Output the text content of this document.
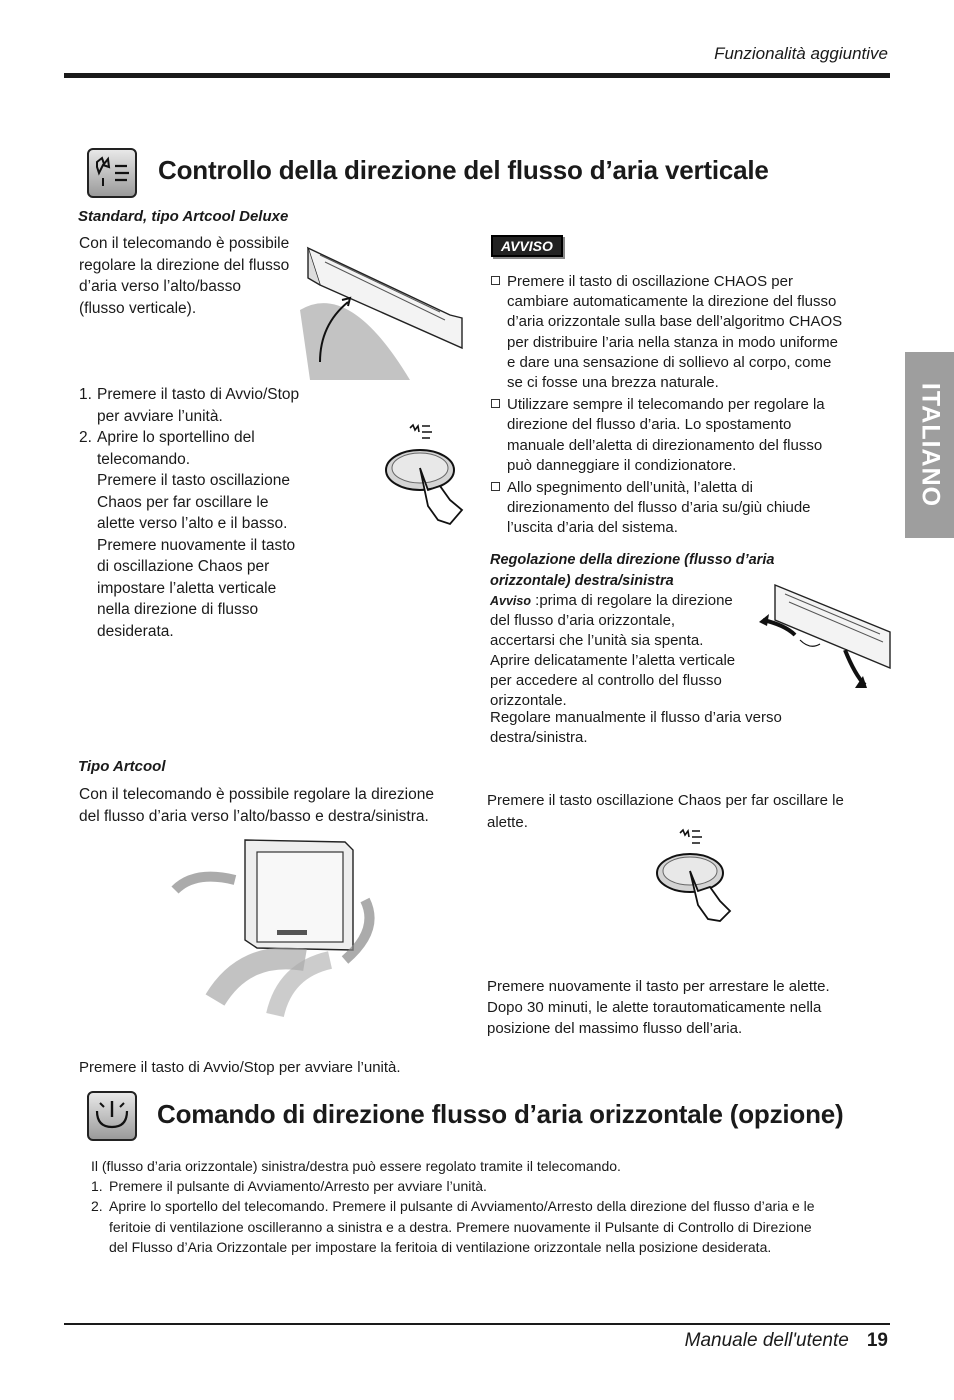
Funzionalità aggiuntive
ITALIANO
Controllo della direzione del flusso d’aria verticale
Standard, tipo Artcool Deluxe
Con il telecomando è possibile
regolare la direzione del flusso
d’aria verso l’alto/basso
(flusso verticale).
1. Premere il tasto di Avvio/Stop
per avviare l’unità.
2. Aprire lo sportellino del
telecomando.
Premere il tasto oscillazione
Chaos per far oscillare le
alette verso l’alto e il basso.
Premere nuovamente il tasto
di oscillazione Chaos per
impostare l’aletta verticale
nella direzione di flusso
desiderata.
AVVISO
Premere il tasto di oscillazione CHAOS per
cambiare automaticamente la direzione del flusso
d’aria orizzontale sulla base dell’algoritmo CHAOS
per distribuire l’aria nella stanza in modo uniforme
e dare una sensazione di sollievo al corpo, come
se ci fosse una brezza naturale.
Utilizzare sempre il telecomando per regolare la
direzione del flusso d’aria. Lo spostamento
manuale dell’aletta di direzionamento del flusso
può danneggiare il condizionatore.
Allo spegnimento dell’unità, l’aletta di
direzionamento del flusso d’aria su/giù chiude
l’uscita d’aria del sistema.
Regolazione della direzione (flusso d’aria
orizzontale) destra/sinistra
Avviso :prima di regolare la direzione
del flusso d’aria orizzontale,
accertarsi che l’unità sia spenta.
Aprire delicatamente l’aletta verticale
per accedere al controllo del flusso
orizzontale.
Regolare manualmente il flusso d’aria verso
destra/sinistra.
Tipo Artcool
Con il telecomando è possibile regolare la direzione
del flusso d’aria verso l’alto/basso e destra/sinistra.
Premere il tasto oscillazione Chaos per far oscillare le
alette.
Premere nuovamente il tasto per arrestare le alette.
Dopo 30 minuti, le alette torautomaticamente nella
posizione del massimo flusso dell’aria.
Premere il tasto di Avvio/Stop per avviare l’unità.
Comando di direzione flusso d’aria orizzontale (opzione)
Il (flusso d’aria orizzontale) sinistra/destra può essere regolato tramite il telecomando.
1. Premere il pulsante di Avviamento/Arresto per avviare l’unità.
2. Aprire lo sportello del telecomando. Premere il pulsante di Avviamento/Arresto della direzione del flusso d’aria e le
feritoie di ventilazione oscilleranno a sinistra e a destra. Premere nuovamente il Pulsante di Controllo di Direzione
del Flusso d’Aria Orizzontale per impostare la feritoia di ventilazione orizzontale nella posizione desiderata.
Manuale dell'utente 19
